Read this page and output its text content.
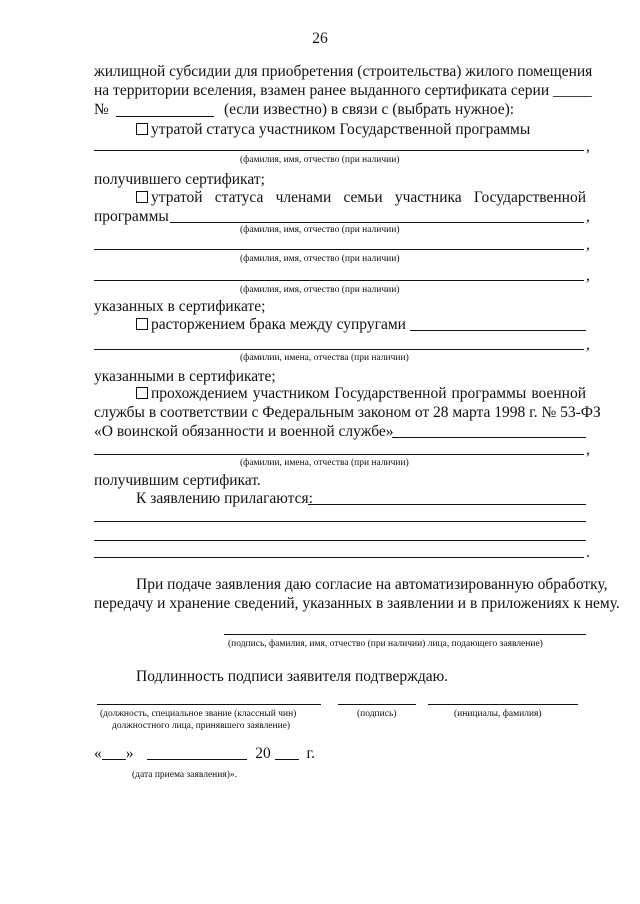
26
жилищной субсидии для приобретения (строительства) жилого помещения
на территории вселения, взамен ранее выданного сертификата серии _____
№	(если известно) в связи с (выбрать нужное):
утратой статуса участником Государственной программы
,
(фамилия, имя, отчество (при наличии)
получившего сертификат;
утратой статуса членами семьи участника Государственной
программы	,
(фамилия, имя, отчество (при наличии)
,
(фамилия, имя, отчество (при наличии)
,
(фамилия, имя, отчество (при наличии)
указанных в сертификате;
расторжением брака между супругами
,
(фамилии, имена, отчества (при наличии)
указанными в сертификате;
прохождением участником Государственной программы военной
службы в соответствии с Федеральным законом от 28 марта 1998 г. № 53-ФЗ
«О воинской обязанности и военной службе»
,
(фамилии, имена, отчества (при наличии)
получившим сертификат.
К заявлению прилагаются:
.
При подаче заявления даю согласие на автоматизированную обработку,
передачу и хранение сведений, указанных в заявлении и в приложениях к нему.
(подпись, фамилия, имя, отчество (при наличии) лица, подающего заявление)
Подлинность подписи заявителя подтверждаю.
(должность, специальное звание (классный чин)
должностного лица, принявшего заявление)
(подпись)	(инициалы, фамилия)
« »	20 г.
(дата приема заявления)».
